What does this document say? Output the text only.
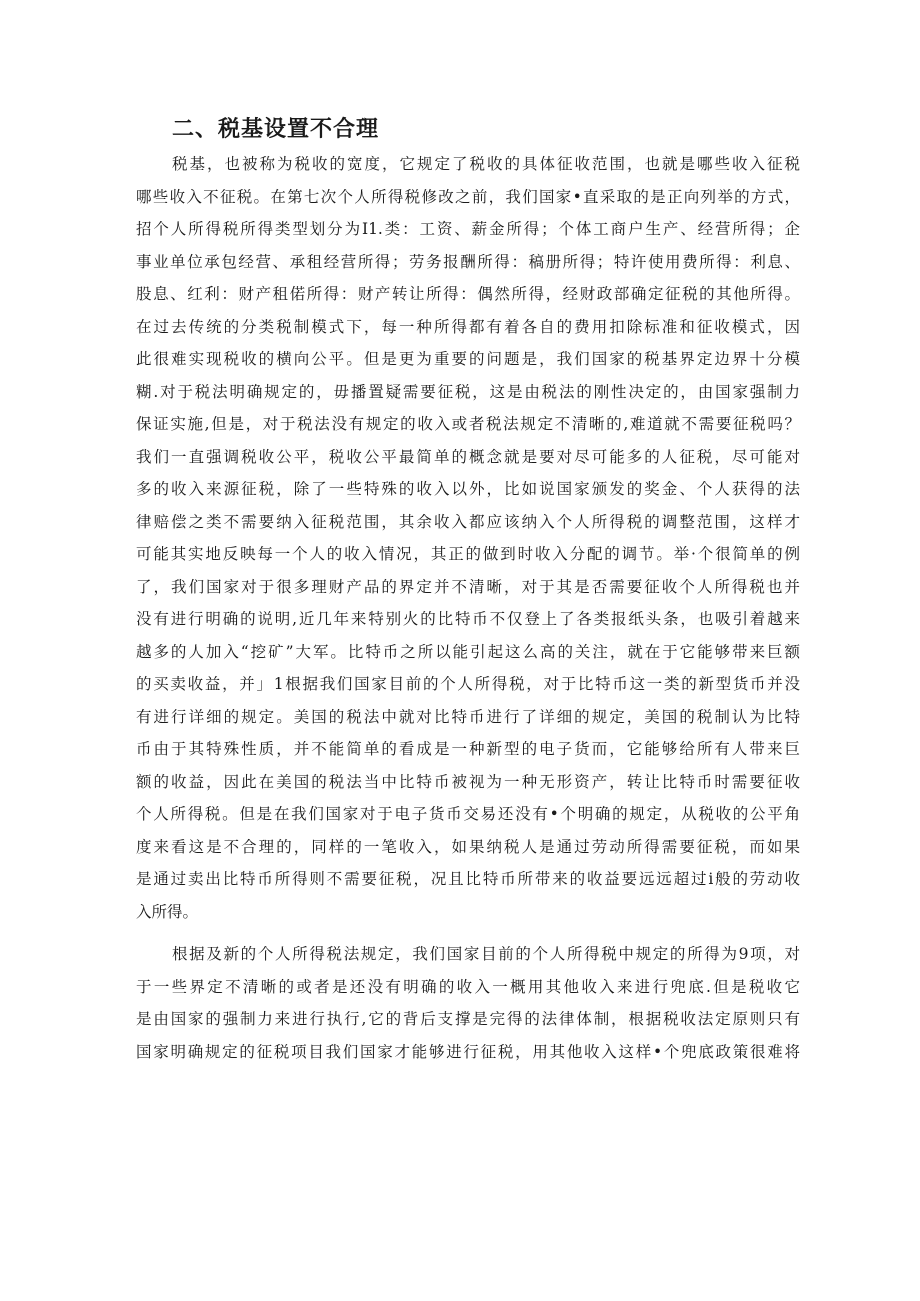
二、税基设置不合理
税基，也被称为税收的宽度，它规定了税收的具体征收范围，也就是哪些收入征税
哪些收入不征税。在第七次个人所得税修改之前，我们国家•直采取的是正向列举的方式，
招个人所得税所得类型划分为I1.类：工资、薪金所得；个体工商户生产、经营所得；企
事业单位承包经营、承租经营所得；劳务报酬所得：稿册所得；特许使用费所得：利息、
股息、红利：财产租偌所得：财产转让所得：偶然所得，经财政部确定征税的其他所得。
在过去传统的分类税制模式下，每一种所得都有着各自的费用扣除标准和征收模式，因
此很难实现税收的横向公平。但是更为重要的问题是，我们国家的税基界定边界十分模
糊.对于税法明确规定的，毋播置疑需要征税，这是由税法的刚性决定的，由国家强制力
保证实施,但是，对于税法没有规定的收入或者税法规定不清晰的,难道就不需要征税吗？
我们一直强调税收公平，税收公平最简单的概念就是要对尽可能多的人征税，尽可能对
多的收入来源征税，除了一些特殊的收入以外，比如说国家颁发的奖金、个人获得的法
律赔偿之类不需要纳入征税范围，其余收入都应该纳入个人所得税的调整范围，这样才
可能其实地反映每一个人的收入情况，其正的做到时收入分配的调节。举·个很简单的例
了，我们国家对于很多理财产品的界定并不清晰，对于其是否需要征收个人所得税也并
没有进行明确的说明,近几年来特别火的比特币不仅登上了各类报纸头条，也吸引着越来
越多的人加入“挖矿”大军。比特币之所以能引起这么高的关注，就在于它能够带来巨额
的买卖收益，并」1根据我们国家目前的个人所得税，对于比特币这一类的新型货币并没
有进行详细的规定。美国的税法中就对比特币进行了详细的规定，美国的税制认为比特
币由于其特殊性质，并不能简单的看成是一种新型的电子货而，它能够给所有人带来巨
额的收益，因此在美国的税法当中比特币被视为一种无形资产，转让比特币时需要征收
个人所得税。但是在我们国家对于电子货币交易还没有•个明确的规定，从税收的公平角
度来看这是不合理的，同样的一笔收入，如果纳税人是通过劳动所得需要征税，而如果
是通过卖出比特币所得则不需要征税，况且比特币所带来的收益要远远超过i般的劳动收
入所得。
根据及新的个人所得税法规定，我们国家目前的个人所得税中规定的所得为9项，对
于一些界定不清晰的或者是还没有明确的收入一概用其他收入来进行兜底.但是税收它
是由国家的强制力来进行执行,它的背后支撑是完得的法律体制，根据税收法定原则只有
国家明确规定的征税项目我们国家才能够进行征税，用其他收入这样•个兜底政策很难将
